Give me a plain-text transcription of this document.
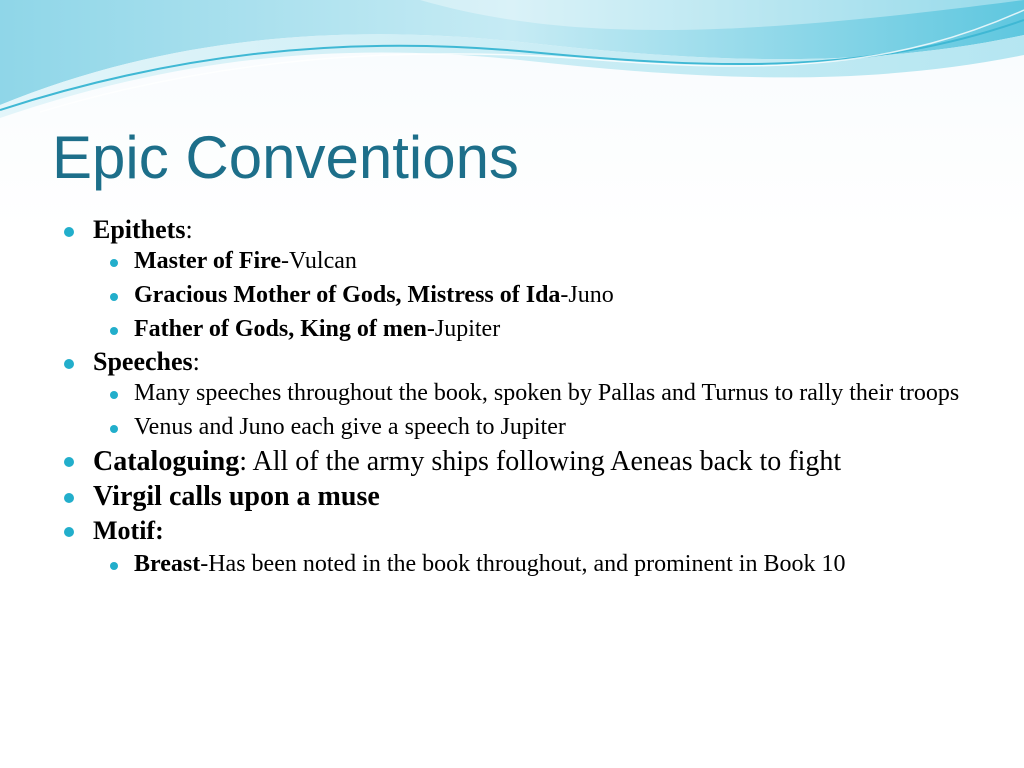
Epic Conventions
Epithets:
Master of Fire-Vulcan
Gracious Mother of Gods, Mistress of Ida-Juno
Father of Gods, King of men-Jupiter
Speeches:
Many speeches throughout the book, spoken by Pallas and Turnus to rally their troops
Venus and Juno each give a speech to Jupiter
Cataloguing: All of the army ships following Aeneas back to fight
Virgil calls upon a muse
Motif:
Breast-Has been noted in the book throughout, and prominent in Book 10
